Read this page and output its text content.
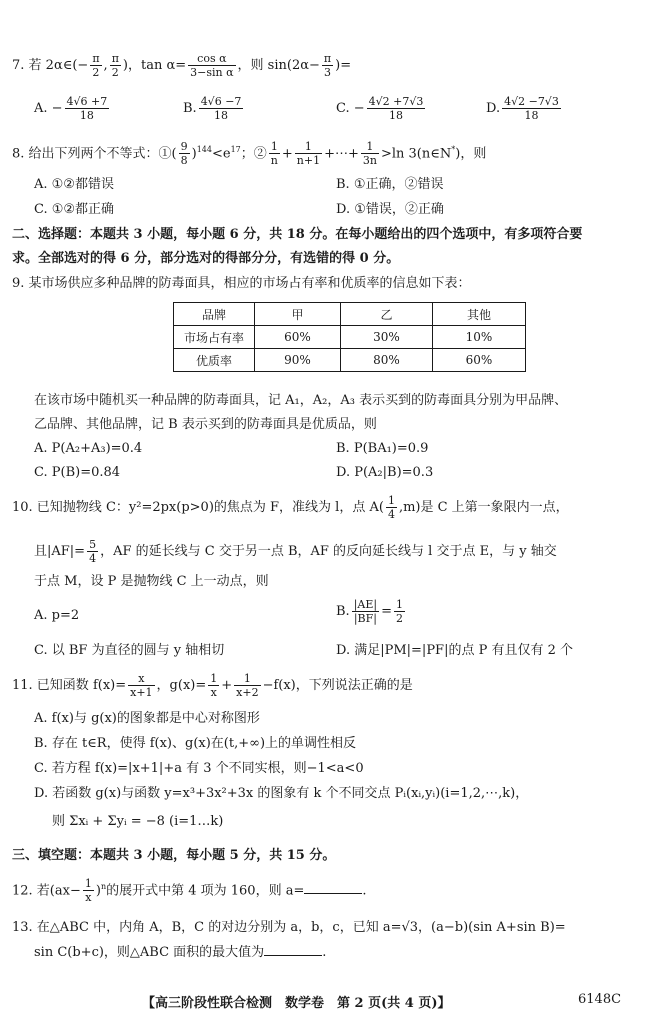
7. 若 2α∈(− $\frac{\pi}{2}$ , $\frac{\pi}{2}$ )，$\tan \alpha= \frac{\text{cos α}}{\text{3−sin α}}$ ，则 $\sin(2\alpha- \frac{\pi}{3}$ )=
A. − $\frac{4√6 +7}{18}$	B. $\frac{4√6 -7}{18}$	C. − $\frac{4√2 +7√3}{18}$	D. $\frac{4√2 -7√3}{18}$
8. 给出下列两个不等式：①( $\frac{9}{8} )^{144}<e^{17}$；② $\frac{1}{n} + \frac{1}{n+1}$ +⋯+ $\frac{1}{3n} >\ln$ 3(n∈N*)，则
A. ①②都错误	B. ①正确，②错误
C. ①②都正确	D. ①错误，②正确
二、选择题：本题共 3 小题，每小题 6 分，共 18 分。在每小题给出的四个选项中，有多项符合要
求。全部选对的得 6 分，部分选对的得部分分，有选错的得 0 分。
9. 某市场供应多种品牌的防毒面具，相应的市场占有率和优质率的信息如下表：
品牌	甲	乙	其他
市场占有率	60%	30%	10%
优质率	90%	80%	60%
在该市场中随机买一种品牌的防毒面具，记 A₁，A₂，A₃ 表示买到的防毒面具分别为甲品牌、
乙品牌、其他品牌，记 B 表示买到的防毒面具是优质品，则
A. P(A₂+A₃)=0.4	B. P(BA₁)=0.9
C. P(B)=0.84	D. P(A₂|B)=0.3
10. 已知抛物线 C：y²=2px(p>0)的焦点为 F，准线为 l，点 $A( \frac{1}{4} ,m)$是 C 上第一象限内一点，
且$|AF|= \frac{5}{4}$ ，AF 的延长线与 C 交于另一点 B，AF 的反向延长线与 l 交于点 E，与 y 轴交
于点 M，设 P 是抛物线 C 上一动点，则
A. p=2	B. $\frac{|AE|}{|BF|} = \frac{1}{2}$
C. 以 BF 为直径的圆与 y 轴相切	D. 满足|PM|=|PF|的点 P 有且仅有 2 个
11. 已知函数 $f(x)= \frac{x}{x+1}$ ，$g(x)= \frac{1}{x} + \frac{1}{x+2} -f(x)$，下列说法正确的是
A. f(x)与 g(x)的图象都是中心对称图形
B. 存在 t∈R，使得 f(x)、g(x)在(t,+∞)上的单调性相反
C. 若方程 f(x)=|x+1|+a 有 3 个不同实根，则−1<a<0
D. 若函数 g(x)与函数 y=x³+3x²+3x 的图象有 k 个不同交点 Pᵢ(xᵢ,yᵢ)(i=1,2,⋯,k)，
则 Σxᵢ + Σyᵢ = −8 (i=1…k)
三、填空题：本题共 3 小题，每小题 5 分，共 15 分。
12. 若$(ax- \frac{1}{x} )^n$的展开式中第 4 项为 160，则 a=	.
13. 在△ABC 中，内角 A，B，C 的对边分别为 a，b，c，已知 a=√3，(a−b)(sin A+sin B)=
sin C(b+c)，则△ABC 面积的最大值为	.
【高三阶段性联合检测　数学卷　第 2 页(共 4 页)】	6148C
